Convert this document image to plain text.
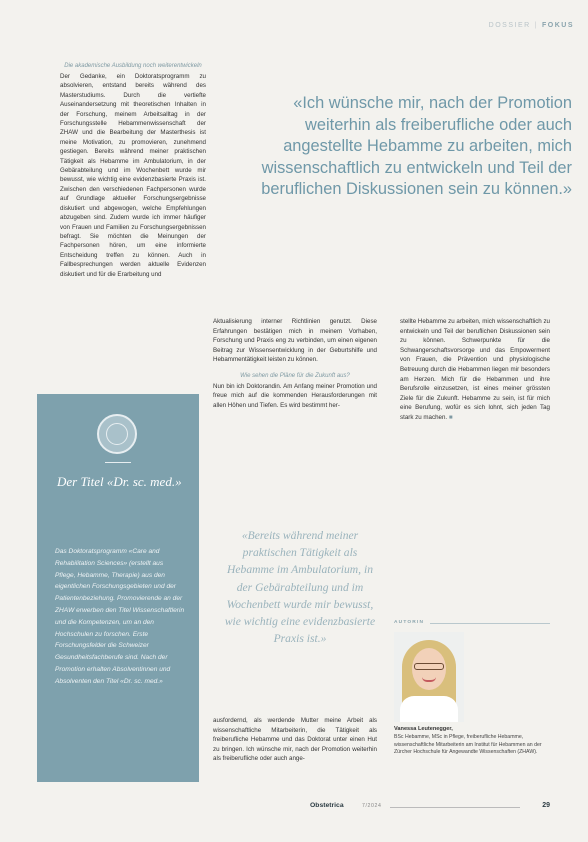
DOSSIER | FOKUS
Die akademische Ausbildung noch weiterentwickeln

Der Gedanke, ein Doktoratsprogramm zu absolvieren, entstand bereits während des Masterstudiums. Durch die vertiefte Auseinandersetzung mit theoretischen Inhalten in der Forschung, meinem Arbeitsalltag in der Forschungsstelle Hebammenwissenschaft der ZHAW und die Bearbeitung der Masterthesis ist meine Motivation, zu promovieren, zunehmend gestiegen. Bereits während meiner praktischen Tätigkeit als Hebamme im Ambulatorium, in der Gebärabteilung und im Wochenbett wurde mir bewusst, wie wichtig eine evidenzbasierte Praxis ist. Zwischen den verschiedenen Fachpersonen wurde auf Grundlage aktueller Forschungsergebnisse diskutiert und abgewogen, welche Empfehlungen abzugeben sind. Zudem wurde ich immer häufiger von Frauen und Familien zu Forschungsergebnissen befragt. Sie möchten die Meinungen der Fachpersonen hören, um eine informierte Entscheidung treffen zu können. Auch in Fallbesprechungen werden aktuelle Evidenzen diskutiert und für die Erarbeitung und

«Ich wünsche mir, nach der Promotion weiterhin als freiberufliche oder auch angestellte Hebamme zu arbeiten, mich wissenschaftlich zu entwickeln und Teil der beruflichen Diskussionen sein zu können.»

Aktualisierung interner Richtlinien genutzt. Diese Erfahrungen bestätigen mich in meinem Vorhaben, Forschung und Praxis eng zu verbinden, um einen eigenen Beitrag zur Wissensentwicklung in der Geburtshilfe und Hebammentätigkeit leisten zu können.

Wie sehen die Pläne für die Zukunft aus?

Nun bin ich Doktorandin. Am Anfang meiner Promotion und freue mich auf die kommenden Herausforderungen mit allen Höhen und Tiefen. Es wird bestimmt her-

stellte Hebamme zu arbeiten, mich wissenschaftlich zu entwickeln und Teil der beruflichen Diskussionen sein zu können. Schwerpunkte für die Schwangerschaftsvorsorge und das Empowerment von Frauen, die Prävention und physiologische Betreuung durch die Hebammen liegen mir besonders am Herzen. Mich für die Hebammen und ihre Berufsrolle einzusetzen, ist eines meiner grössten Ziele für die Zukunft. Hebamme zu sein, ist für mich eine Berufung, wofür es sich lohnt, sich jeden Tag stark zu machen. ■

Der Titel «Dr. sc. med.»
Das Doktoratsprogramm «Care and Rehabilitation Sciences» (erstellt aus Pflege, Hebamme, Therapie) aus den eigentlichen Forschungsgebieten und der Patientenbeziehung. Promovierende an der ZHAW erwerben den Titel Wissenschaftlerin und die Kompetenzen, um an den Hochschulen zu forschen. Erste Forschungsfelder die Schweizer Gesundheitsfachberufe sind. Nach der Promotion erhalten Absolventinnen und Absolventen den Titel «Dr. sc. med.»
«Bereits während meiner praktischen Tätigkeit als Hebamme im Ambulatorium, in der Gebärabteilung und im Wochenbett wurde mir bewusst, wie wichtig eine evidenzbasierte Praxis ist.»

ausfordernd, als werdende Mutter meine Arbeit als wissenschaftliche Mitarbeiterin, die Tätigkeit als freiberufliche Hebamme und das Doktorat unter einen Hut zu bringen. Ich wünsche mir, nach der Promotion weiterhin als freiberufliche oder auch ange-

AUTORIN
Vanessa Leutenegger,
BSc Hebamme, MSc in Pflege, freiberufliche Hebamme, wissenschaftliche Mitarbeiterin am Institut für Hebammen an der Zürcher Hochschule für Angewandte Wissenschaften (ZHAW).
Obstetrica	7/2024	29
